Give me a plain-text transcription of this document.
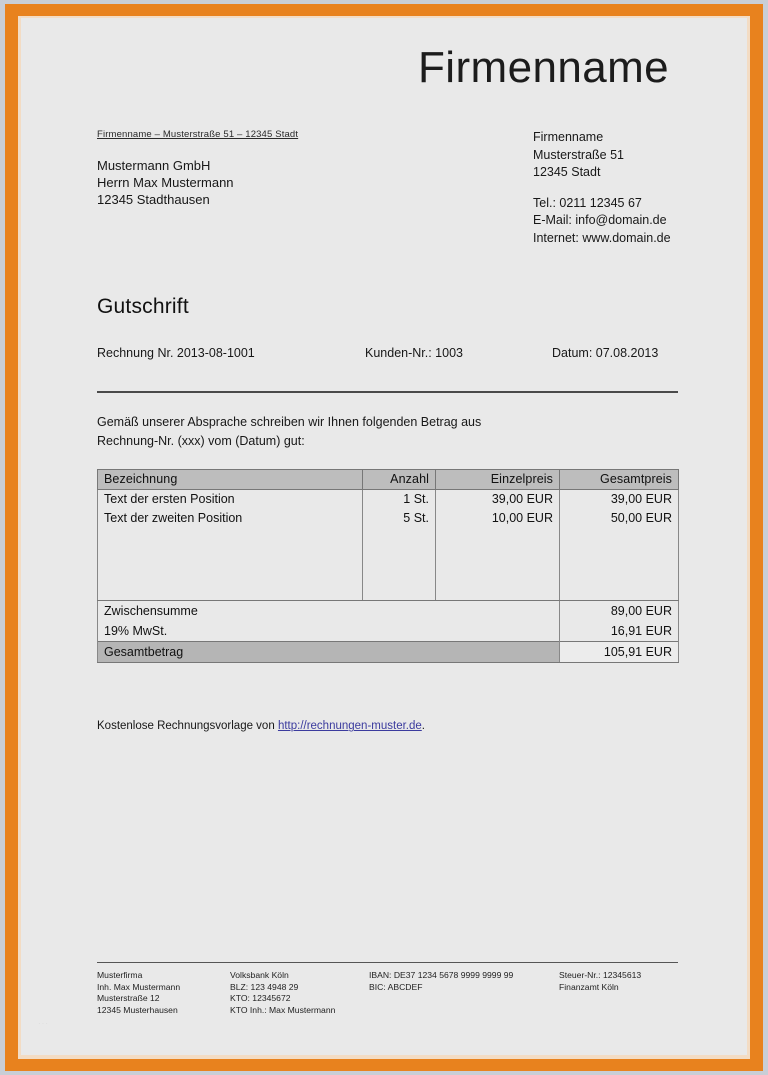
Firmenname
Firmenname – Musterstraße 51 – 12345 Stadt
Mustermann GmbH
Herrn Max Mustermann
12345 Stadthausen
Firmenname
Musterstraße 51
12345 Stadt
Tel.: 0211 12345 67
E-Mail: info@domain.de
Internet: www.domain.de
Gutschrift
Rechnung Nr. 2013-08-1001	Kunden-Nr.: 1003	Datum: 07.08.2013
Gemäß unserer Absprache schreiben wir Ihnen folgenden Betrag aus
Rechnung-Nr. (xxx) vom (Datum) gut:
Bezeichnung	Anzahl	Einzelpreis	Gesamtpreis
Text der ersten Position	1 St.	39,00 EUR	39,00 EUR
Text der zweiten Position	5 St.	10,00 EUR	50,00 EUR

Zwischensumme	89,00 EUR
19% MwSt.	16,91 EUR
Gesamtbetrag	105,91 EUR
Kostenlose Rechnungsvorlage von http://rechnungen-muster.de.
Musterfirma
Inh. Max Mustermann
Musterstraße 12
12345 Musterhausen
Volksbank Köln
BLZ: 123 4948 29
KTO: 12345672
KTO Inh.: Max Mustermann
IBAN: DE37 1234 5678 9999 9999 99
BIC: ABCDEF
Steuer-Nr.: 12345613
Finanzamt Köln
···
